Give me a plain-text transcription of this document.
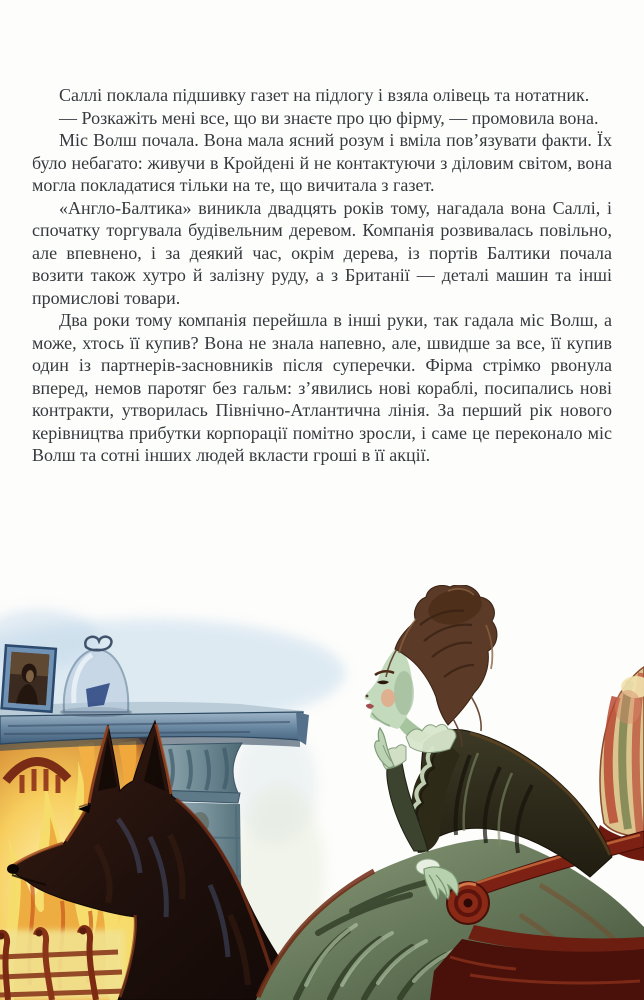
Саллі поклала підшивку газет на підлогу і взяла олівець та нотатник.

— Розкажіть мені все, що ви знаєте про цю фірму, — промовила вона.

Міс Волш почала. Вона мала ясний розум і вміла пов’язувати факти. Їх було небагато: живучи в Кройдені й не контактуючи з діловим світом, вона могла покладатися тільки на те, що вичитала з газет.

«Англо-Балтика» виникла двадцять років тому, нагадала вона Саллі, і спочатку торгувала будівельним деревом. Компанія розвивалась повільно, але впевнено, і за деякий час, окрім дерева, із портів Балтики почала возити також хутро й залізну руду, а з Британії — деталі машин та інші промислові товари.

Два роки тому компанія перейшла в інші руки, так гадала міс Волш, а може, хтось її купив? Вона не знала напевно, але, швидше за все, її купив один із партнерів-засновників після суперечки. Фірма стрімко рвонула вперед, немов паротяг без гальм: з’явились нові кораблі, посипались нові контракти, утворилась Північно-Атлантична лінія. За перший рік нового керівництва прибутки корпорації помітно зросли, і саме це переконало міс Волш та сотні інших людей вкласти гроші в її акції.
